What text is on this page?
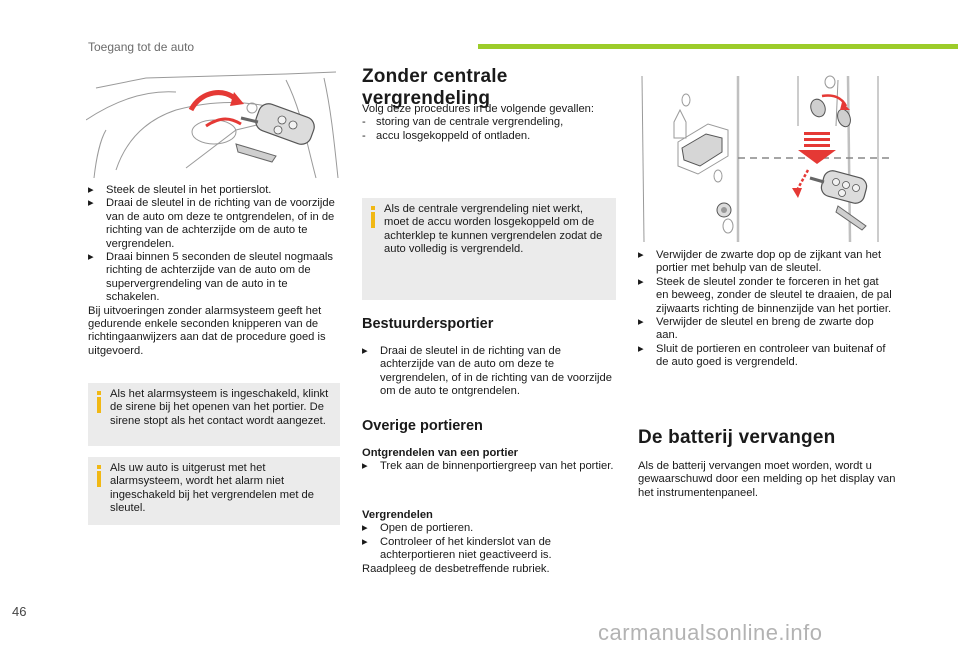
Toegang tot de auto
▸	Steek de sleutel in het portierslot.
▸	Draai de sleutel in de richting van de voorzijde van de auto om deze te ontgrendelen, of in de richting van de achterzijde om de auto te vergrendelen.
▸	Draai binnen 5 seconden de sleutel nogmaals richting de achterzijde van de auto om de supervergrendeling van de auto in te schakelen.
Bij uitvoeringen zonder alarmsysteem geeft het gedurende enkele seconden knipperen van de richtingaanwijzers aan dat de procedure goed is uitgevoerd.
Als het alarmsysteem is ingeschakeld, klinkt de sirene bij het openen van het portier. De sirene stopt als het contact wordt aangezet.
Als uw auto is uitgerust met het alarmsysteem, wordt het alarm niet ingeschakeld bij het vergrendelen met de sleutel.
Zonder centrale vergrendeling
Volg deze procedures in de volgende gevallen:
- storing van de centrale vergrendeling,
- accu losgekoppeld of ontladen.
Als de centrale vergrendeling niet werkt, moet de accu worden losgekoppeld om de achterklep te kunnen vergrendelen zodat de auto volledig is vergrendeld.
Bestuurdersportier
▸	Draai de sleutel in de richting van de achterzijde van de auto om deze te vergrendelen, of in de richting van de voorzijde om de auto te ontgrendelen.
Overige portieren
Ontgrendelen van een portier
▸	Trek aan de binnenportiergreep van het portier.
Vergrendelen
▸	Open de portieren.
▸	Controleer of het kinderslot van de achterportieren niet geactiveerd is.
Raadpleeg de desbetreffende rubriek.
▸	Verwijder de zwarte dop op de zijkant van het portier met behulp van de sleutel.
▸	Steek de sleutel zonder te forceren in het gat en beweeg, zonder de sleutel te draaien, de pal zijwaarts richting de binnenzijde van het portier.
▸	Verwijder de sleutel en breng de zwarte dop aan.
▸	Sluit de portieren en controleer van buitenaf of de auto goed is vergrendeld.
De batterij vervangen
Als de batterij vervangen moet worden, wordt u gewaarschuwd door een melding op het display van het instrumentenpaneel.
46
carmanualsonline.info
